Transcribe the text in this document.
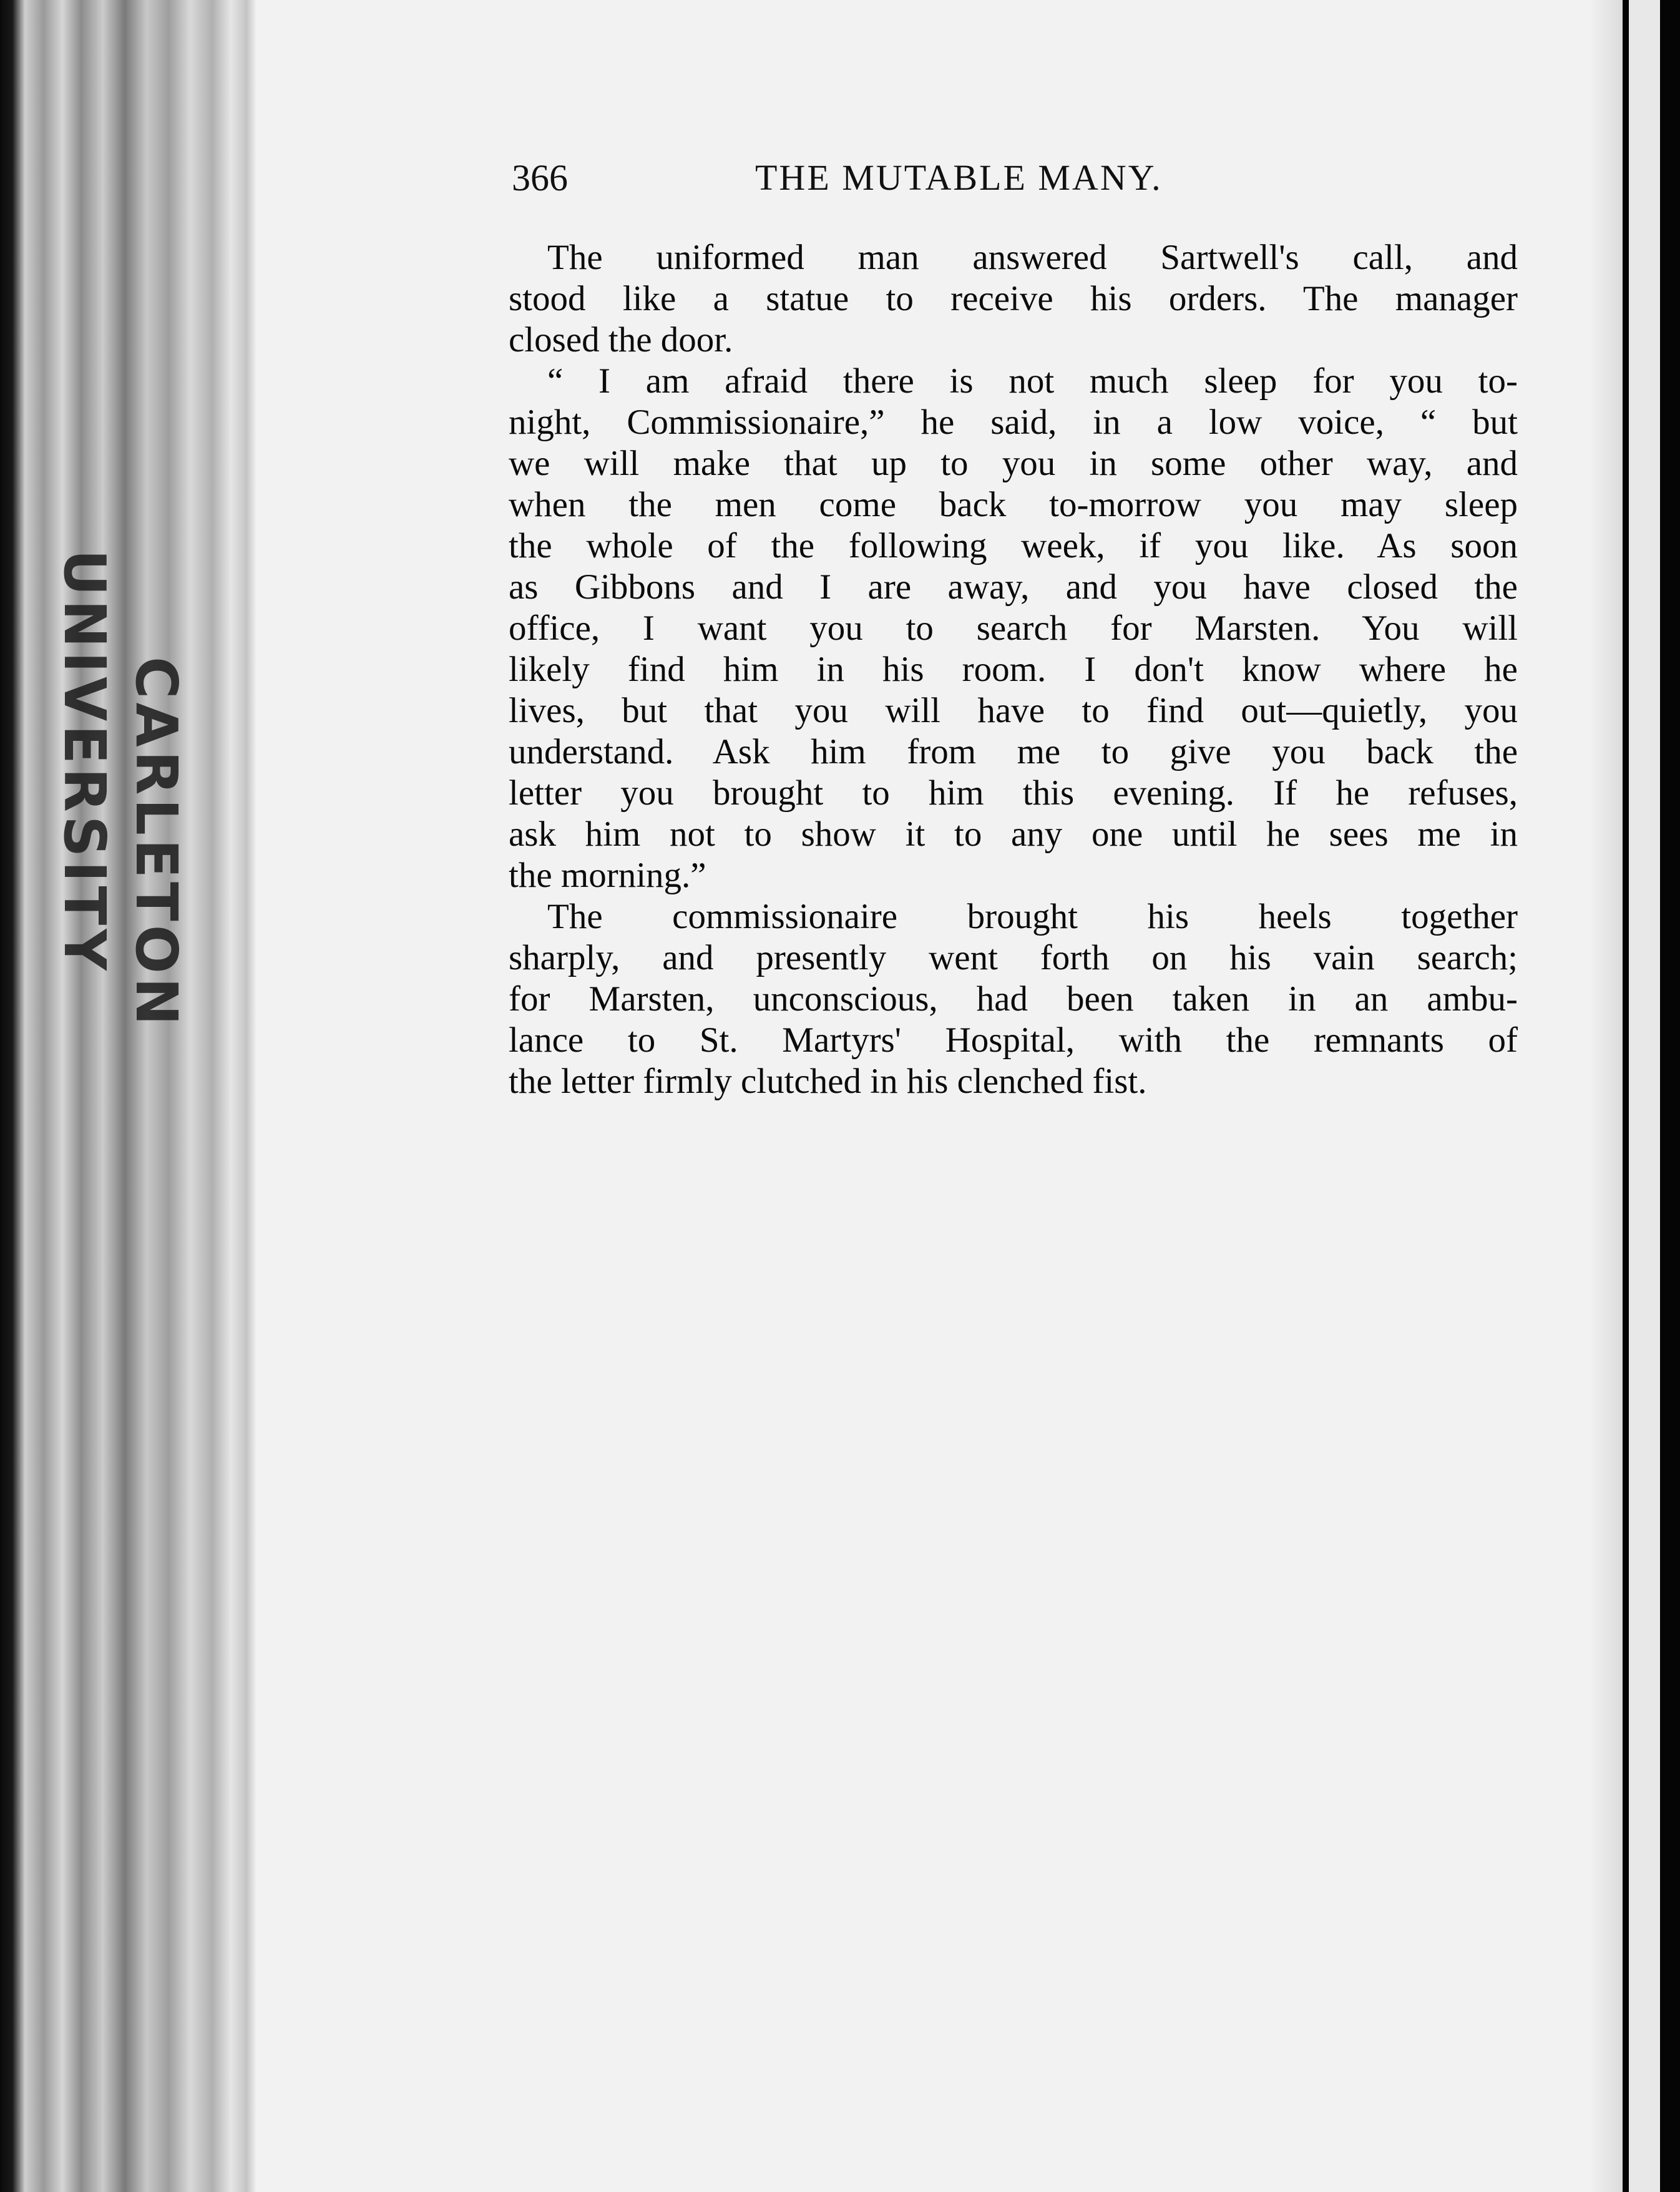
UNIVERSITY CARLETON
366	THE MUTABLE MANY.
The uniformed man answered Sartwell's call, and
stood like a statue to receive his orders. The manager
closed the door.
“ I am afraid there is not much sleep for you to-
night, Commissionaire,” he said, in a low voice, “ but
we will make that up to you in some other way, and
when the men come back to-morrow you may sleep
the whole of the following week, if you like. As soon
as Gibbons and I are away, and you have closed the
office, I want you to search for Marsten. You will
likely find him in his room. I don't know where he
lives, but that you will have to find out—quietly, you
understand. Ask him from me to give you back the
letter you brought to him this evening. If he refuses,
ask him not to show it to any one until he sees me in
the morning.”
The commissionaire brought his heels together
sharply, and presently went forth on his vain search;
for Marsten, unconscious, had been taken in an ambu-
lance to St. Martyrs' Hospital, with the remnants of
the letter firmly clutched in his clenched fist.
